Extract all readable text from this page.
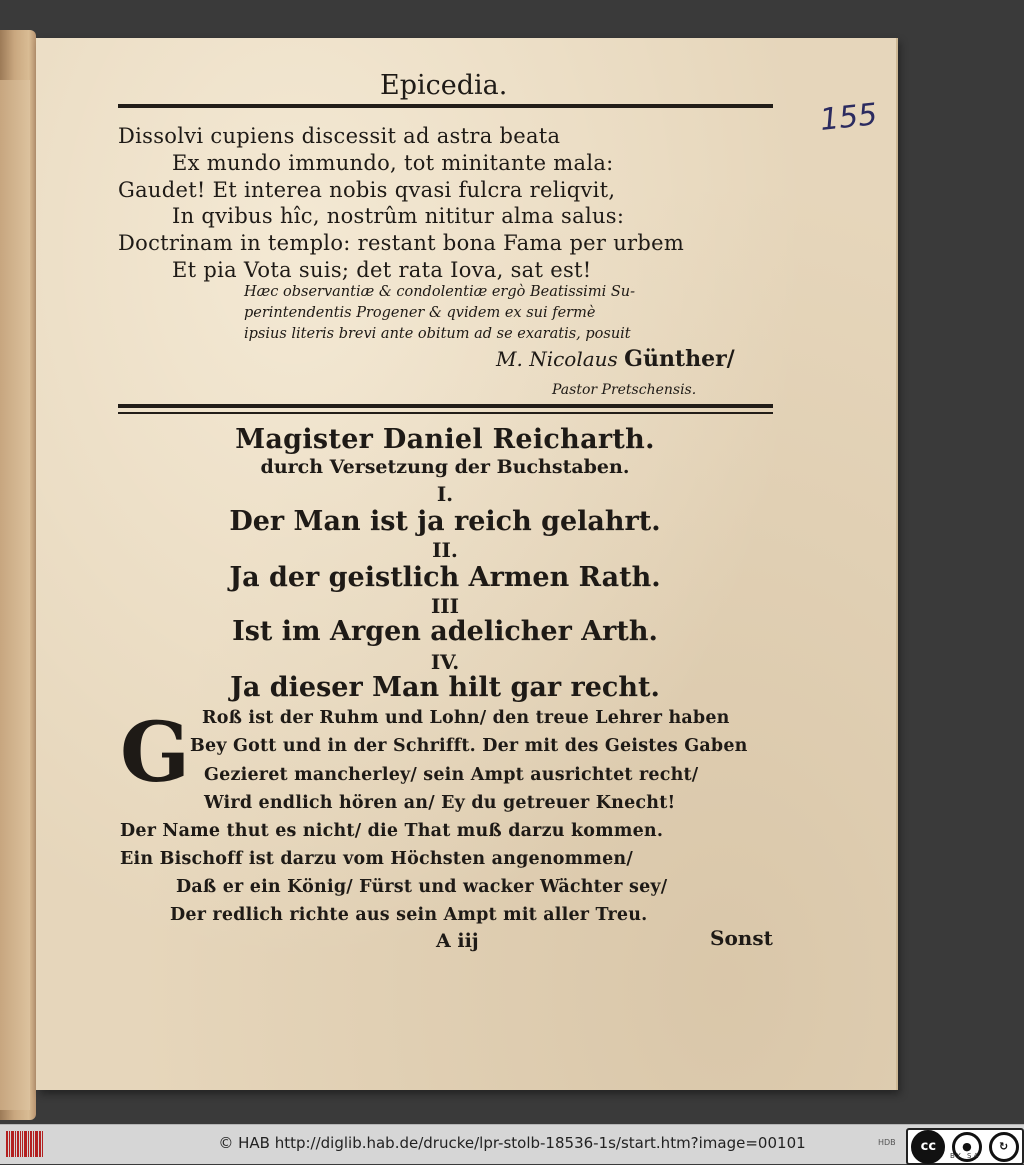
Epicedia.
155
Dissolvi cupiens discessit ad astra beata
Ex mundo immundo, tot minitante mala:
Gaudet! Et interea nobis qvasi fulcra reliqvit,
In qvibus hîc, nostrûm nititur alma salus:
Doctrinam in templo: restant bona Fama per urbem
Et pia Vota suis; det rata Iova, sat est!
Hæc observantiæ & condolentiæ ergò Beatissimi Su-
perintendentis Progener & qvidem ex sui fermè
ipsius literis brevi ante obitum ad se exaratis, posuit
M. Nicolaus Günther/
Pastor Pretschensis.
Magister Daniel Reicharth.
durch Versetzung der Buchstaben.
I.
Der Man ist ja reich gelahrt.
II.
Ja der geistlich Armen Rath.
III
Ist im Argen adelicher Arth.
IV.
Ja dieser Man hilt gar recht.
G Roß ist der Ruhm und Lohn/ den treue Lehrer haben
Bey Gott und in der Schrifft. Der mit des Geistes Gaben
Gezieret mancherley/ sein Ampt ausrichtet recht/
Wird endlich hören an/ Ey du getreuer Knecht!
Der Name thut es nicht/ die That muß darzu kommen.
Ein Bischoff ist darzu vom Höchsten angenommen/
Daß er ein König/ Fürst und wacker Wächter sey/
Der redlich richte aus sein Ampt mit aller Treu.
A iij	Sonst
© HAB http://diglib.hab.de/drucke/lpr-stolb-18536-1s/start.htm?image=00101	HDB	cc	●	↻
BY SA
